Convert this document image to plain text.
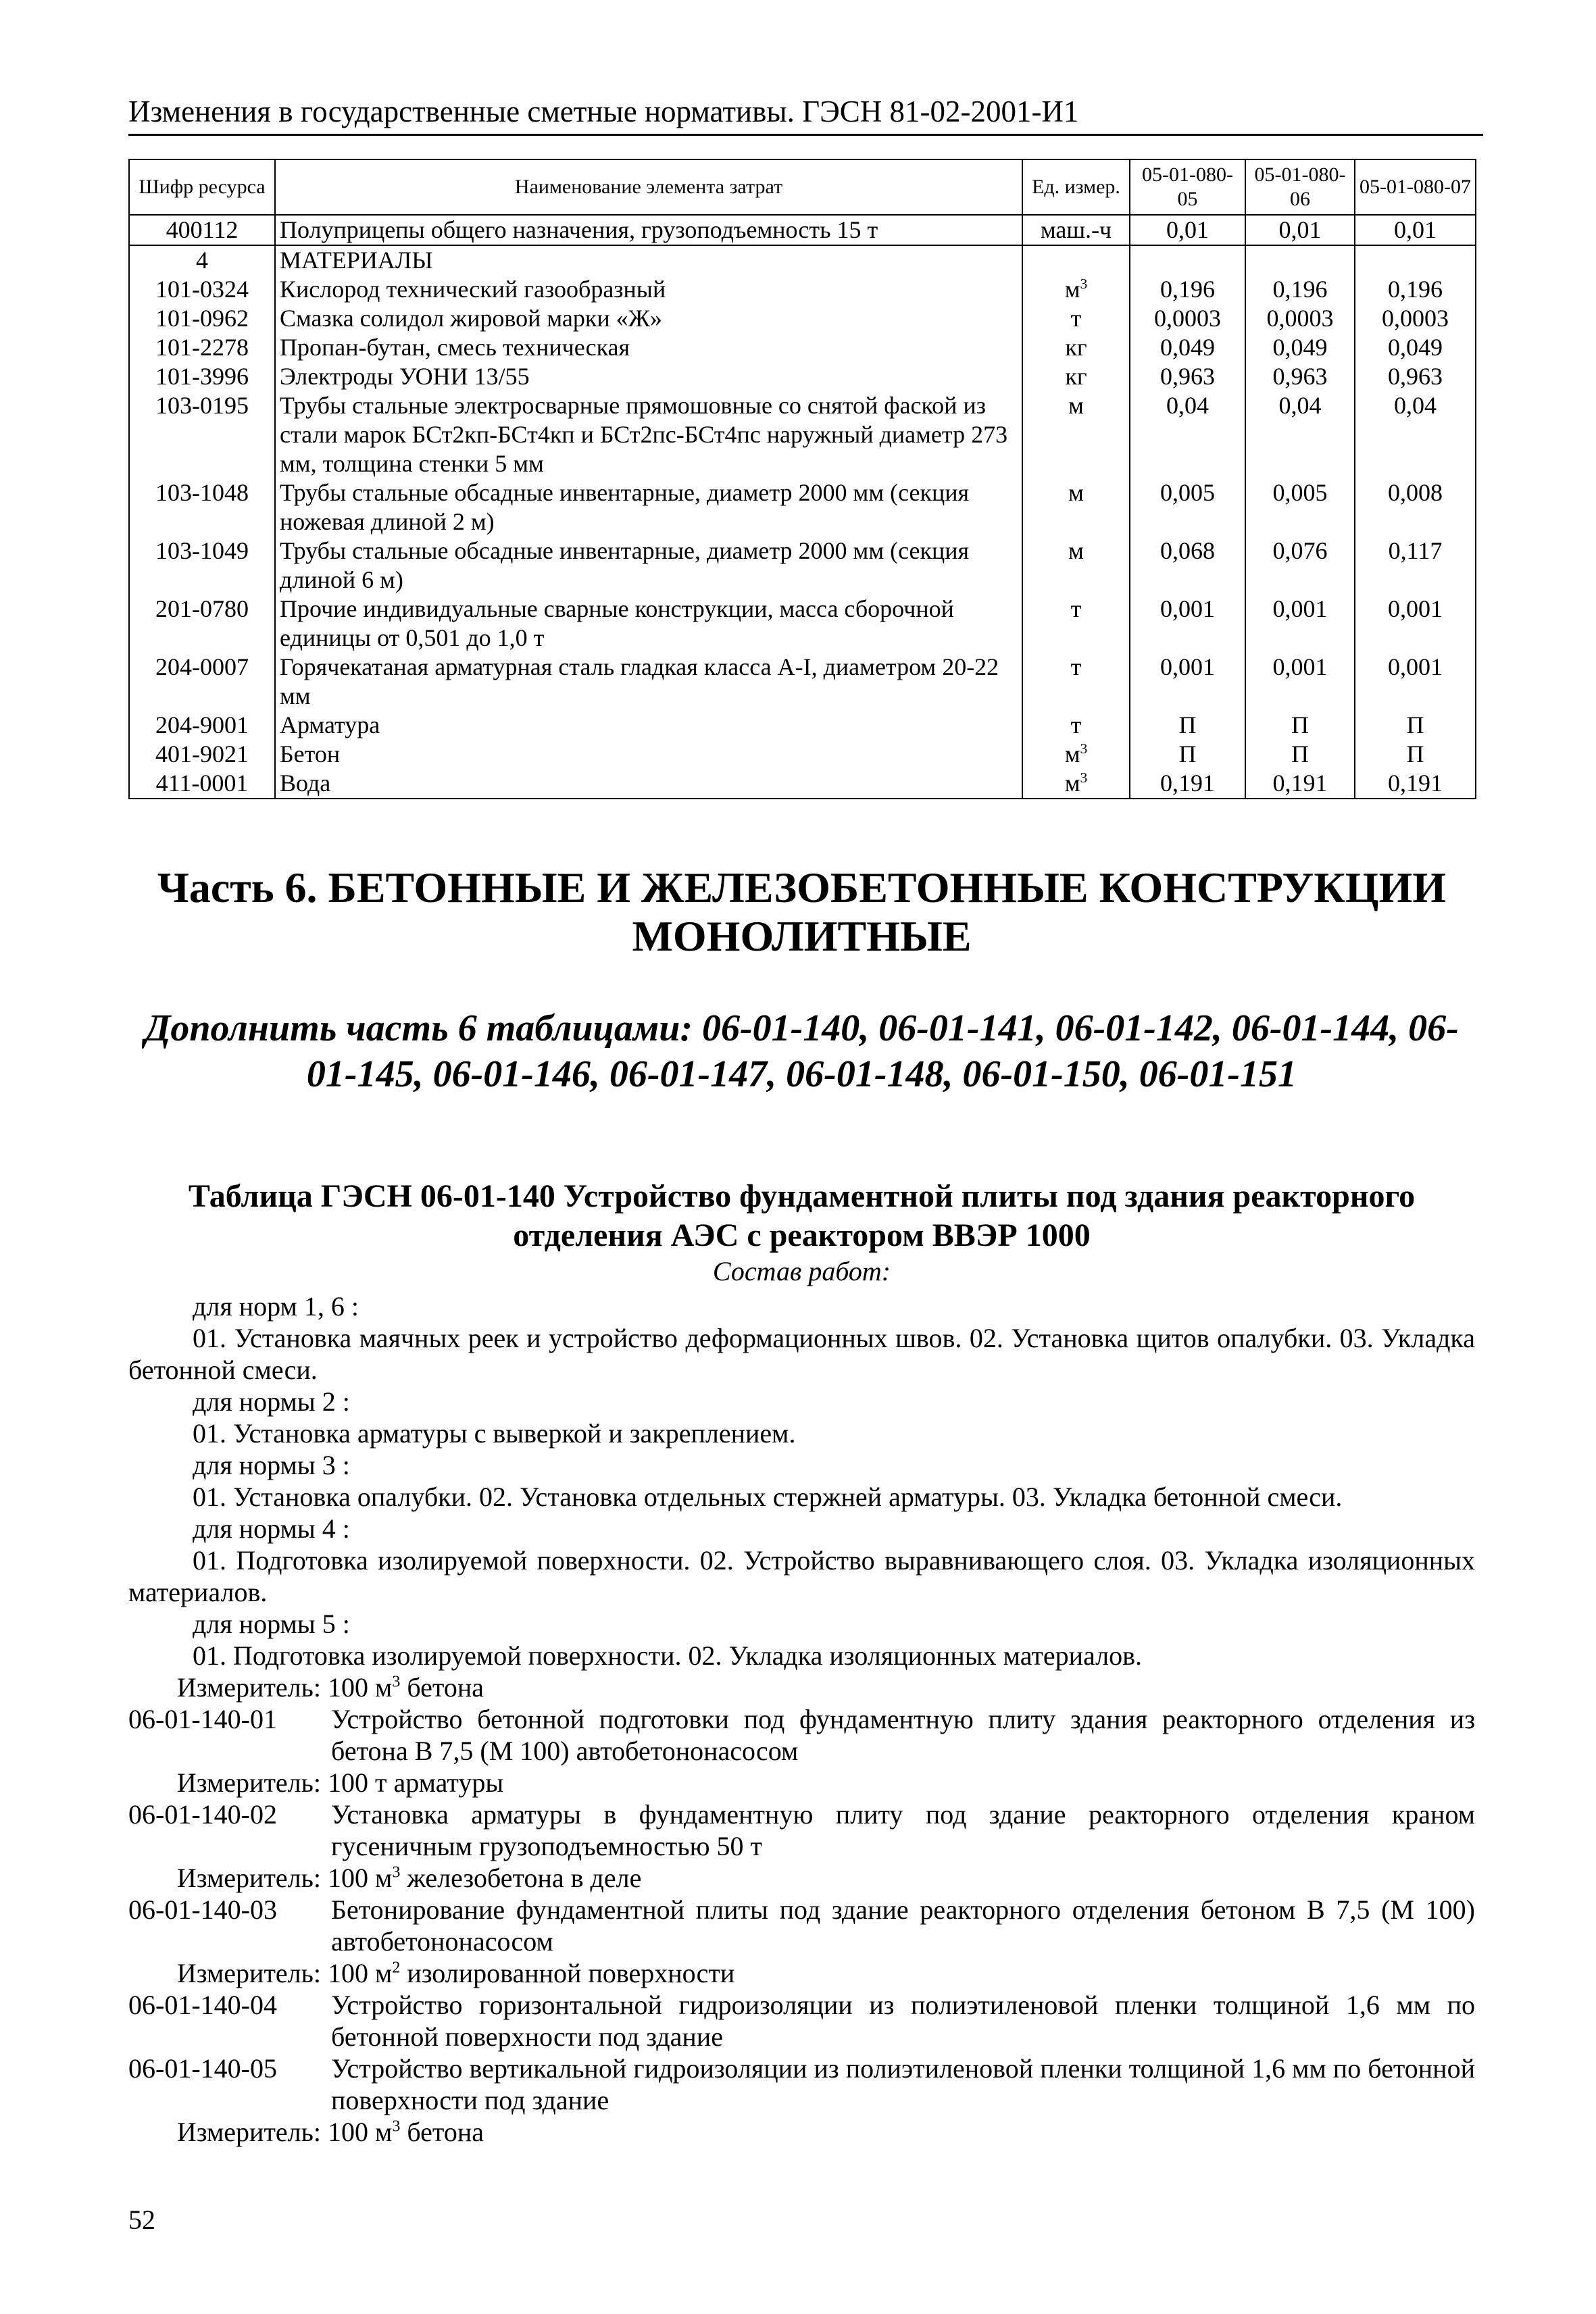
Изменения в государственные сметные нормативы. ГЭСН 81-02-2001-И1
Шифр ресурса	Наименование элемента затрат	Ед. измер.	05-01-080-05	05-01-080-06	05-01-080-07
400112	Полуприцепы общего назначения, грузоподъемность 15 т	маш.-ч	0,01	0,01	0,01
4	МАТЕРИАЛЫ				
101-0324	Кислород технический газообразный	$м^3$	0,196	0,196	0,196
101-0962	Смазка солидол жировой марки «Ж»	т	0,0003	0,0003	0,0003
101-2278	Пропан-бутан, смесь техническая	кг	0,049	0,049	0,049
101-3996	Электроды УОНИ 13/55	кг	0,963	0,963	0,963
103-0195	Трубы стальные электросварные прямошовные со снятой фаской из стали марок БСт2кп-БСт4кп и БСт2пс-БСт4пс наружный диаметр 273 мм, толщина стенки 5 мм	м	0,04	0,04	0,04
103-1048	Трубы стальные обсадные инвентарные, диаметр 2000 мм (секция ножевая длиной 2 м)	м	0,005	0,005	0,008
103-1049	Трубы стальные обсадные инвентарные, диаметр 2000 мм (секция длиной 6 м)	м	0,068	0,076	0,117
201-0780	Прочие индивидуальные сварные конструкции, масса сборочной единицы от 0,501 до 1,0 т	т	0,001	0,001	0,001
204-0007	Горячекатаная арматурная сталь гладкая класса А-I, диаметром 20-22 мм	т	0,001	0,001	0,001
204-9001	Арматура	т	П	П	П
401-9021	Бетон	$м^3$	П	П	П
411-0001	Вода	$м^3$	0,191	0,191	0,191
Часть 6. БЕТОННЫЕ И ЖЕЛЕЗОБЕТОННЫЕ КОНСТРУКЦИИ МОНОЛИТНЫЕ
Дополнить часть 6 таблицами: 06-01-140, 06-01-141, 06-01-142, 06-01-144, 06-01-145, 06-01-146, 06-01-147, 06-01-148, 06-01-150, 06-01-151
Таблица ГЭСН 06-01-140 Устройство фундаментной плиты под здания реакторного отделения АЭС с реактором ВВЭР 1000
Состав работ:
для норм 1, 6 :
01. Установка маячных реек и устройство деформационных швов. 02. Установка щитов опалубки. 03. Укладка бетонной смеси.
для нормы 2 :
01. Установка арматуры с выверкой и закреплением.
для нормы 3 :
01. Установка опалубки. 02. Установка отдельных стержней арматуры. 03. Укладка бетонной смеси.
для нормы 4 :
01. Подготовка изолируемой поверхности. 02. Устройство выравнивающего слоя. 03. Укладка изоляционных материалов.
для нормы 5 :
01. Подготовка изолируемой поверхности. 02. Укладка изоляционных материалов.
Измеритель: 100 $м^3$ бетона
06-01-140-01	Устройство бетонной подготовки под фундаментную плиту здания реакторного отделения из бетона В 7,5 (М 100) автобетононасосом
Измеритель: 100 т арматуры
06-01-140-02	Установка арматуры в фундаментную плиту под здание реакторного отделения краном гусеничным грузоподъемностью 50 т
Измеритель: 100 $м^3$ железобетона в деле
06-01-140-03	Бетонирование фундаментной плиты под здание реакторного отделения бетоном В 7,5 (М 100) автобетононасосом
Измеритель: 100 $м^2$ изолированной поверхности
06-01-140-04	Устройство горизонтальной гидроизоляции из полиэтиленовой пленки толщиной 1,6 мм по бетонной поверхности под здание
06-01-140-05	Устройство вертикальной гидроизоляции из полиэтиленовой пленки толщиной 1,6 мм по бетонной поверхности под здание
Измеритель: 100 $м^3$ бетона
52
